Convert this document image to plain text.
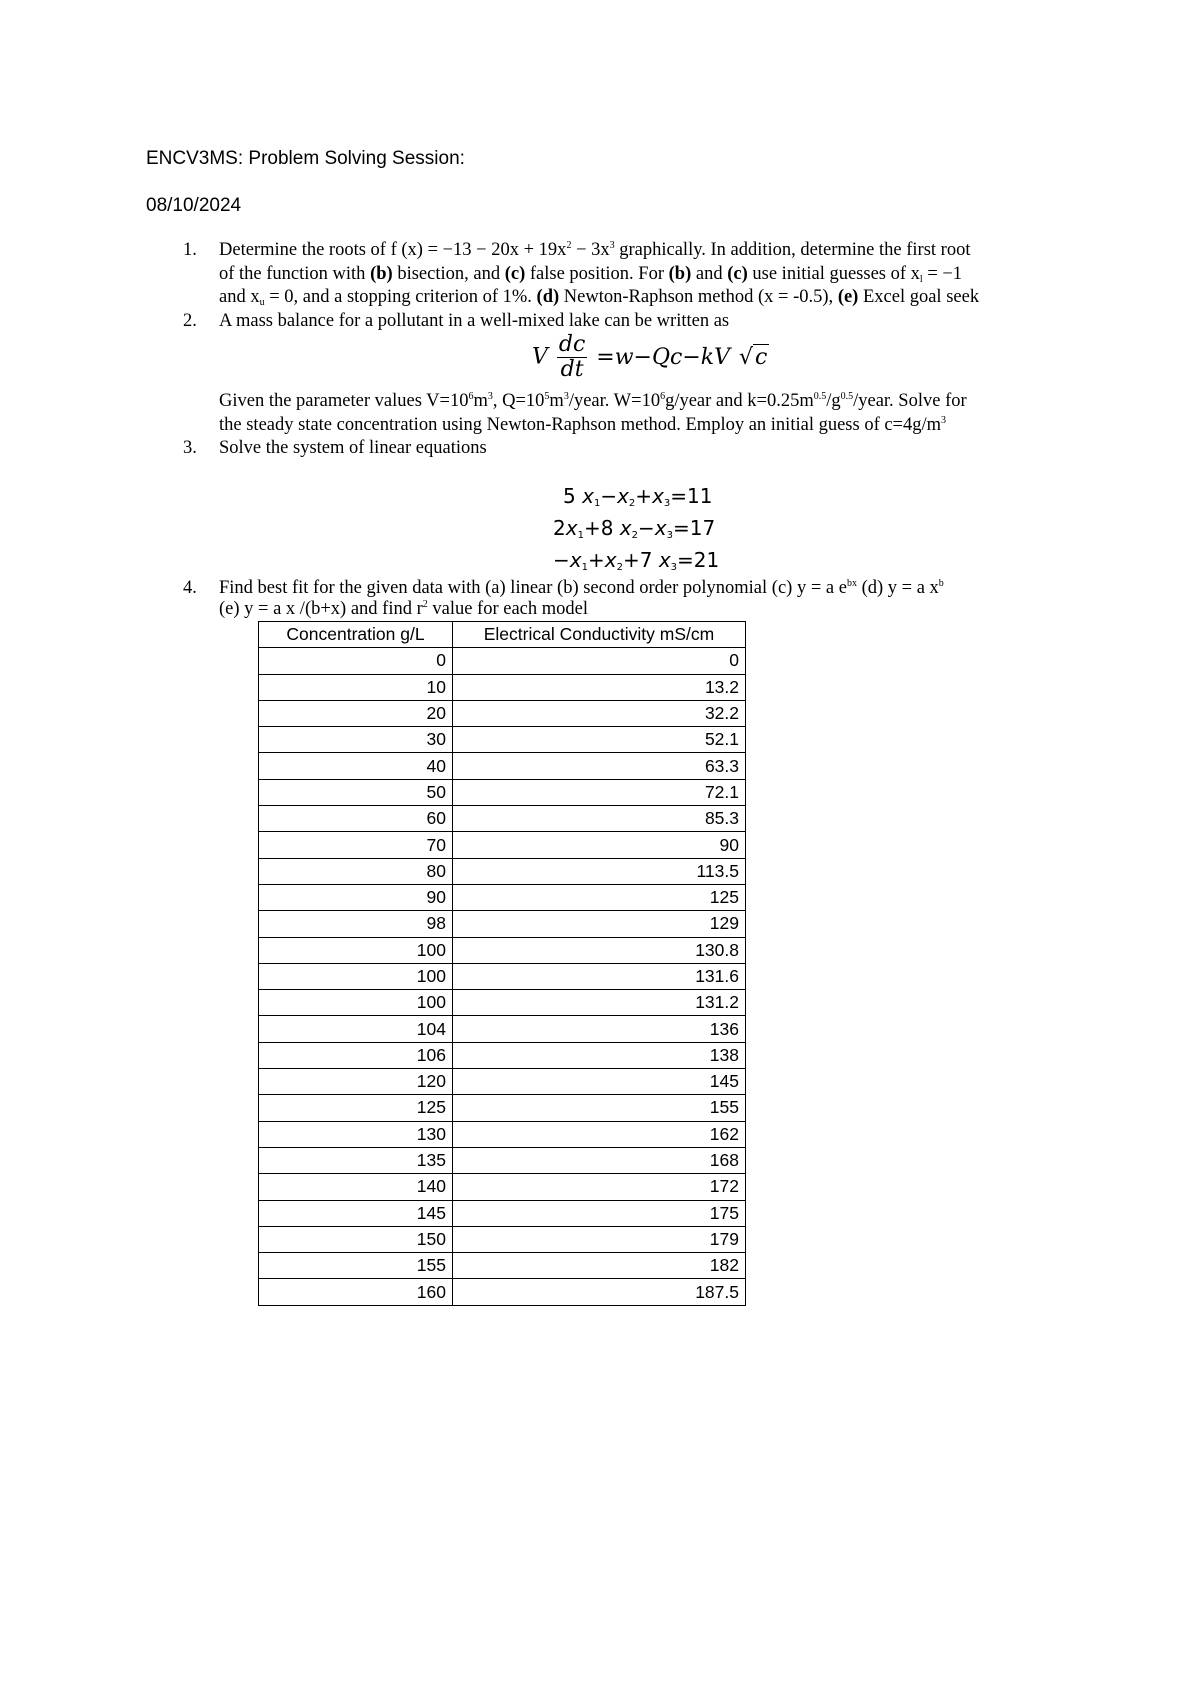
ENCV3MS: Problem Solving Session:
08/10/2024
1. Determine the roots of f $(x) = -13 - 20x + 19x^2 - 3x^3$ graphically. In addition, determine the first root
of the function with (b) bisection, and (c) false position. For (b) and (c) use initial guesses of $x_l = -1$
and $x_u = 0$, and a stopping criterion of 1%. (d) Newton-Raphson method (x = -0.5), (e) Excel goal seek
2. A mass balance for a pollutant in a well-mixed lake can be written as
V $\frac{dc}{dt} =w-Qc-kV$ √c
Given the parameter values $V=10^6m^3$, $Q=10^5m^3$/year. $W=10^6g$/year and $k=0.25m^{0.5}/g^{0.5}$/year. Solve for
the steady state concentration using Newton-Raphson method. Employ an initial guess of $c=4g/m^3$
3. Solve the system of linear equations
5 $x_1-x_2+x_3=11$
$2x_1+8$ $x_2-x_3=17$
$-x_1+x_2+7$ $x_3=21$
4. Find best fit for the given data with (a) linear (b) second order polynomial (c) y = a $e^{bx}$ (d) y = a $x^b$
(e) y = a x /(b+x) and find $r^2$ value for each model
Concentration g/L	Electrical Conductivity mS/cm
0	0
10	13.2
20	32.2
30	52.1
40	63.3
50	72.1
60	85.3
70	90
80	113.5
90	125
98	129
100	130.8
100	131.6
100	131.2
104	136
106	138
120	145
125	155
130	162
135	168
140	172
145	175
150	179
155	182
160	187.5
